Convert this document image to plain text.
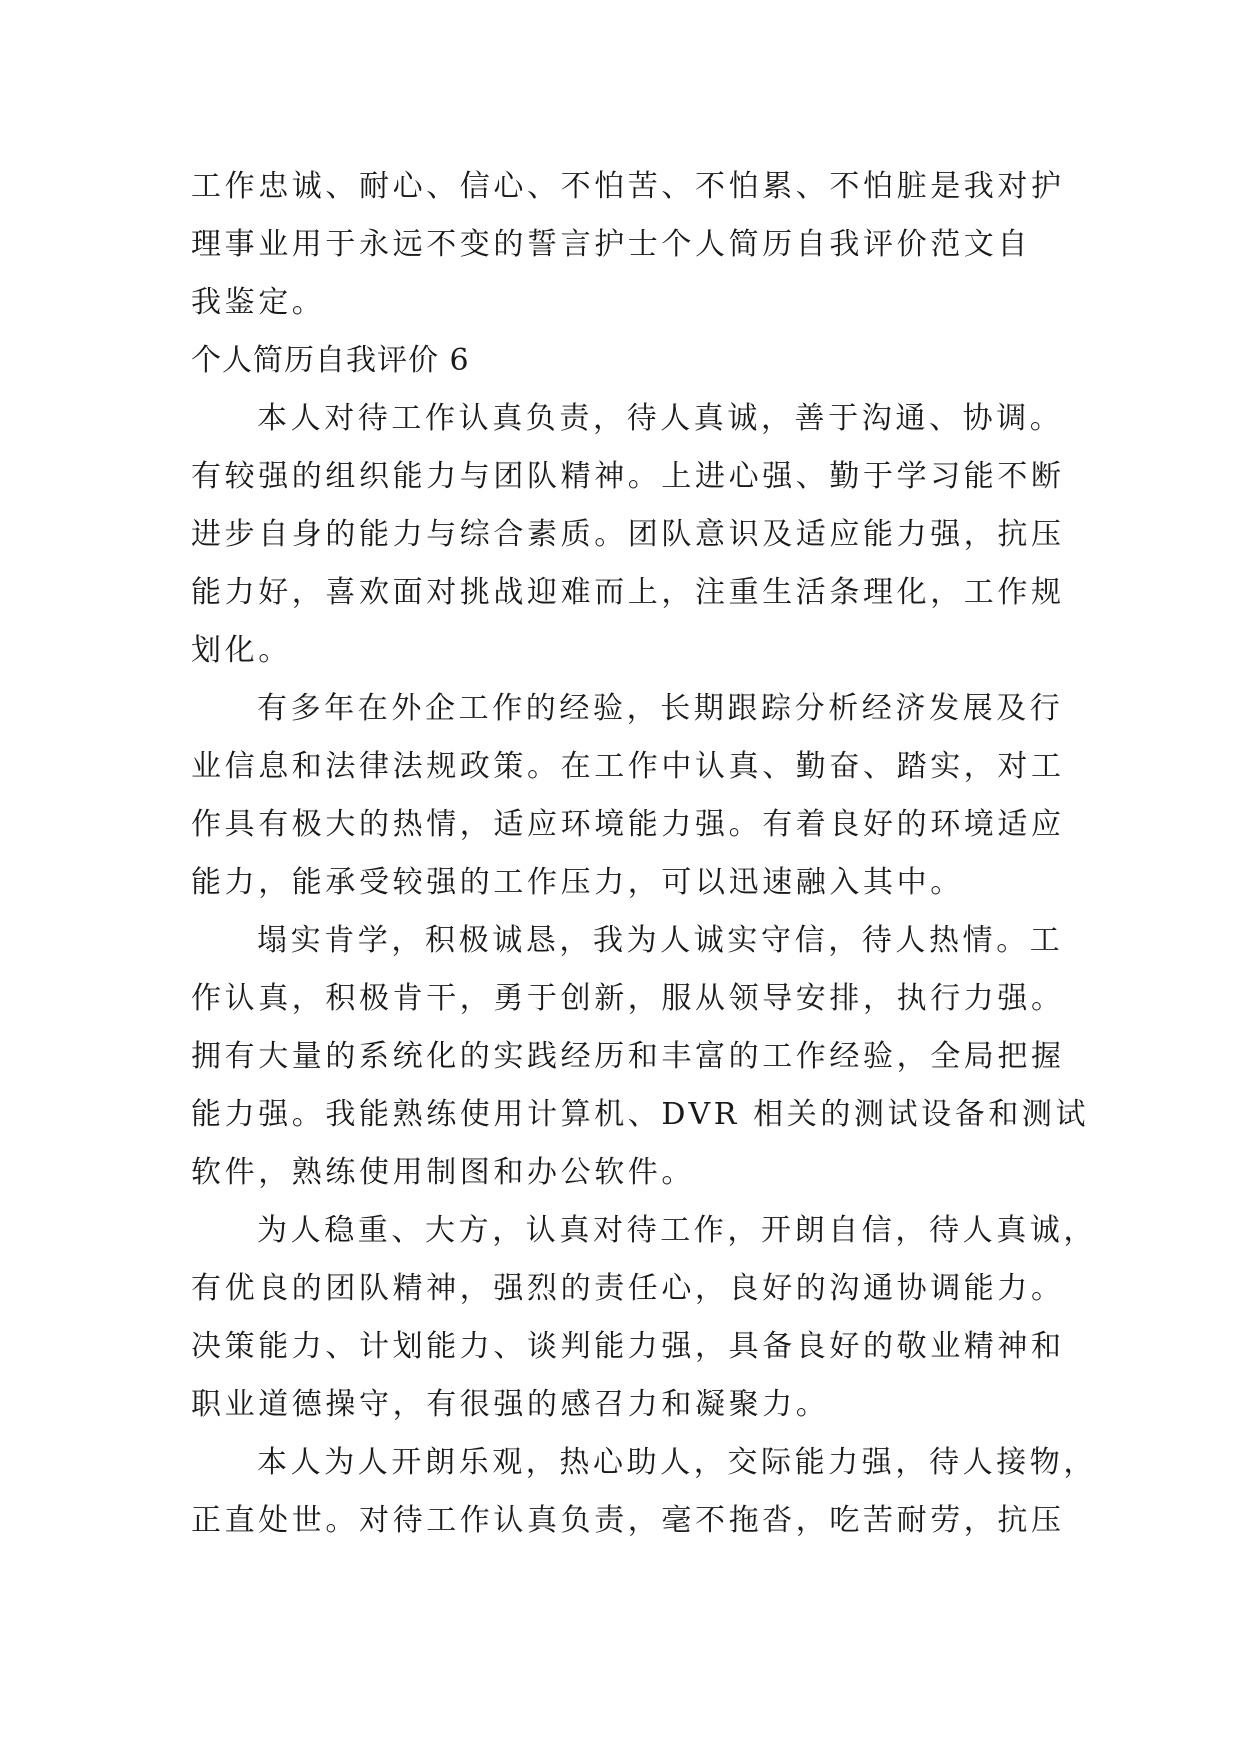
工作忠诚、耐心、信心、不怕苦、不怕累、不怕脏是我对护
理事业用于永远不变的誓言护士个人简历自我评价范文自
我鉴定。
个人简历自我评价 6
本人对待工作认真负责，待人真诚，善于沟通、协调。
有较强的组织能力与团队精神。上进心强、勤于学习能不断
进步自身的能力与综合素质。团队意识及适应能力强，抗压
能力好，喜欢面对挑战迎难而上，注重生活条理化，工作规
划化。
有多年在外企工作的经验，长期跟踪分析经济发展及行
业信息和法律法规政策。在工作中认真、勤奋、踏实，对工
作具有极大的热情，适应环境能力强。有着良好的环境适应
能力，能承受较强的工作压力，可以迅速融入其中。
塌实肯学，积极诚恳，我为人诚实守信，待人热情。工
作认真，积极肯干，勇于创新，服从领导安排，执行力强。
拥有大量的系统化的实践经历和丰富的工作经验，全局把握
能力强。我能熟练使用计算机、DVR 相关的测试设备和测试
软件，熟练使用制图和办公软件。
为人稳重、大方，认真对待工作，开朗自信，待人真诚，
有优良的团队精神，强烈的责任心，良好的沟通协调能力。
决策能力、计划能力、谈判能力强，具备良好的敬业精神和
职业道德操守，有很强的感召力和凝聚力。
本人为人开朗乐观，热心助人，交际能力强，待人接物，
正直处世。对待工作认真负责，毫不拖沓，吃苦耐劳，抗压
